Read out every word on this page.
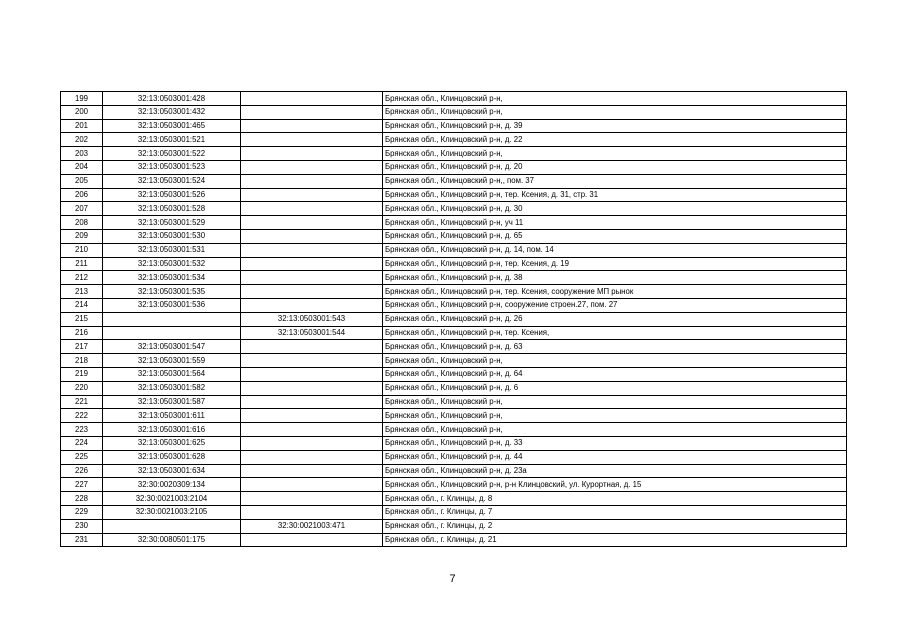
199	32:13:0503001:428		Брянская обл., Клинцовский р-н,
200	32:13:0503001:432		Брянская обл., Клинцовский р-н,
201	32:13:0503001:465		Брянская обл., Клинцовский р-н, д. 39
202	32:13:0503001:521		Брянская обл., Клинцовский р-н, д. 22
203	32:13:0503001:522		Брянская обл., Клинцовский р-н,
204	32:13:0503001:523		Брянская обл., Клинцовский р-н, д. 20
205	32:13:0503001:524		Брянская обл., Клинцовский р-н,, пом. 37
206	32:13:0503001:526		Брянская обл., Клинцовский р-н, тер. Ксения, д. 31, стр. 31
207	32:13:0503001:528		Брянская обл., Клинцовский р-н, д. 30
208	32:13:0503001:529		Брянская обл., Клинцовский р-н, уч 11
209	32:13:0503001:530		Брянская обл., Клинцовский р-н, д. 65
210	32:13:0503001:531		Брянская обл., Клинцовский р-н, д. 14, пом. 14
211	32:13:0503001:532		Брянская обл., Клинцовский р-н, тер. Ксения, д. 19
212	32:13:0503001:534		Брянская обл., Клинцовский р-н, д. 38
213	32:13:0503001:535		Брянская обл., Клинцовский р-н, тер. Ксения, сооружение МП рынок
214	32:13:0503001:536		Брянская обл., Клинцовский р-н, сооружение строен.27, пом. 27
215		32:13:0503001:543	Брянская обл., Клинцовский р-н, д. 26
216		32:13:0503001:544	Брянская обл., Клинцовский р-н, тер. Ксения,
217	32:13:0503001:547		Брянская обл., Клинцовский р-н, д. 63
218	32:13:0503001:559		Брянская обл., Клинцовский р-н,
219	32:13:0503001:564		Брянская обл., Клинцовский р-н, д. 64
220	32:13:0503001:582		Брянская обл., Клинцовский р-н, д. 6
221	32:13:0503001:587		Брянская обл., Клинцовский р-н,
222	32:13:0503001:611		Брянская обл., Клинцовский р-н,
223	32:13:0503001:616		Брянская обл., Клинцовский р-н,
224	32:13:0503001:625		Брянская обл., Клинцовский р-н, д. 33
225	32:13:0503001:628		Брянская обл., Клинцовский р-н, д. 44
226	32:13:0503001:634		Брянская обл., Клинцовский р-н, д. 23а
227	32:30:0020309:134		Брянская обл., Клинцовский р-н, р-н Клинцовский, ул. Курортная, д. 15
228	32:30:0021003:2104		Брянская обл., г. Клинцы, д. 8
229	32:30:0021003:2105		Брянская обл., г. Клинцы, д. 7
230		32:30:0021003:471	Брянская обл., г. Клинцы, д. 2
231	32:30:0080501:175		Брянская обл., г. Клинцы, д. 21
7
